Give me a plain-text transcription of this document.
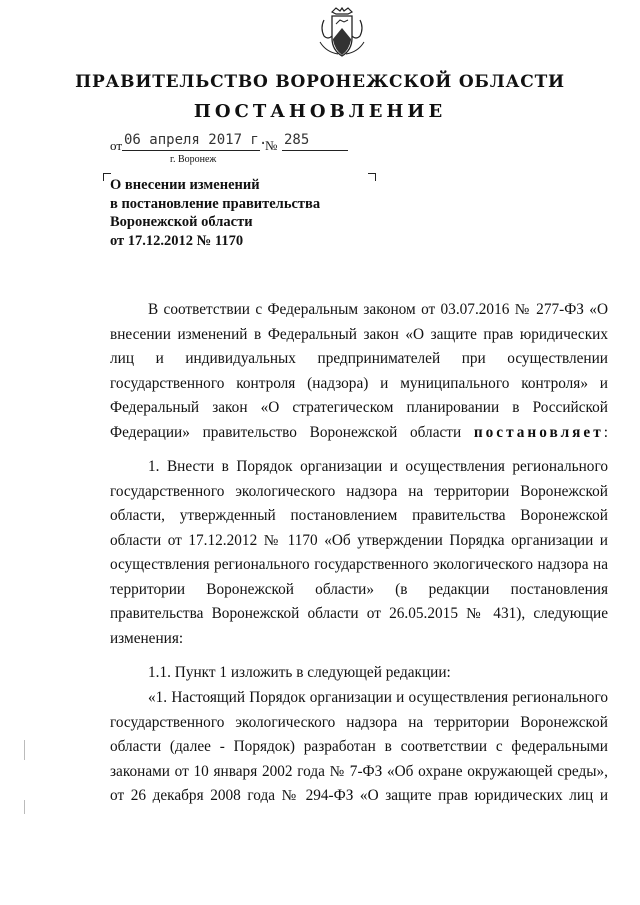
ПРАВИТЕЛЬСТВО ВОРОНЕЖСКОЙ ОБЛАСТИ
ПОСТАНОВЛЕНИЕ
от 06 апреля 2017 г.
№ 285
г. Воронеж
О внесении изменений
в постановление правительства
Воронежской области
от 17.12.2012 № 1170
В соответствии с Федеральным законом от 03.07.2016 № 277-ФЗ «О
внесении изменений в Федеральный закон «О защите прав юридических
лиц и индивидуальных предпринимателей при осуществлении
государственного контроля (надзора) и муниципального контроля» и
Федеральный закон «О стратегическом планировании в Российской
Федерации» правительство Воронежской области постановляет:
1. Внести в Порядок организации и осуществления регионального
государственного экологического надзора на территории Воронежской
области, утвержденный постановлением правительства Воронежской
области от 17.12.2012 № 1170 «Об утверждении Порядка организации и
осуществления регионального государственного экологического надзора на
территории Воронежской области» (в редакции постановления
правительства Воронежской области от 26.05.2015 № 431), следующие
изменения:
1.1. Пункт 1 изложить в следующей редакции:
«1. Настоящий Порядок организации и осуществления регионального
государственного экологического надзора на территории Воронежской
области (далее - Порядок) разработан в соответствии с федеральными
законами от 10 января 2002 года № 7-ФЗ «Об охране окружающей среды»,
от 26 декабря 2008 года № 294-ФЗ «О защите прав юридических лиц и
